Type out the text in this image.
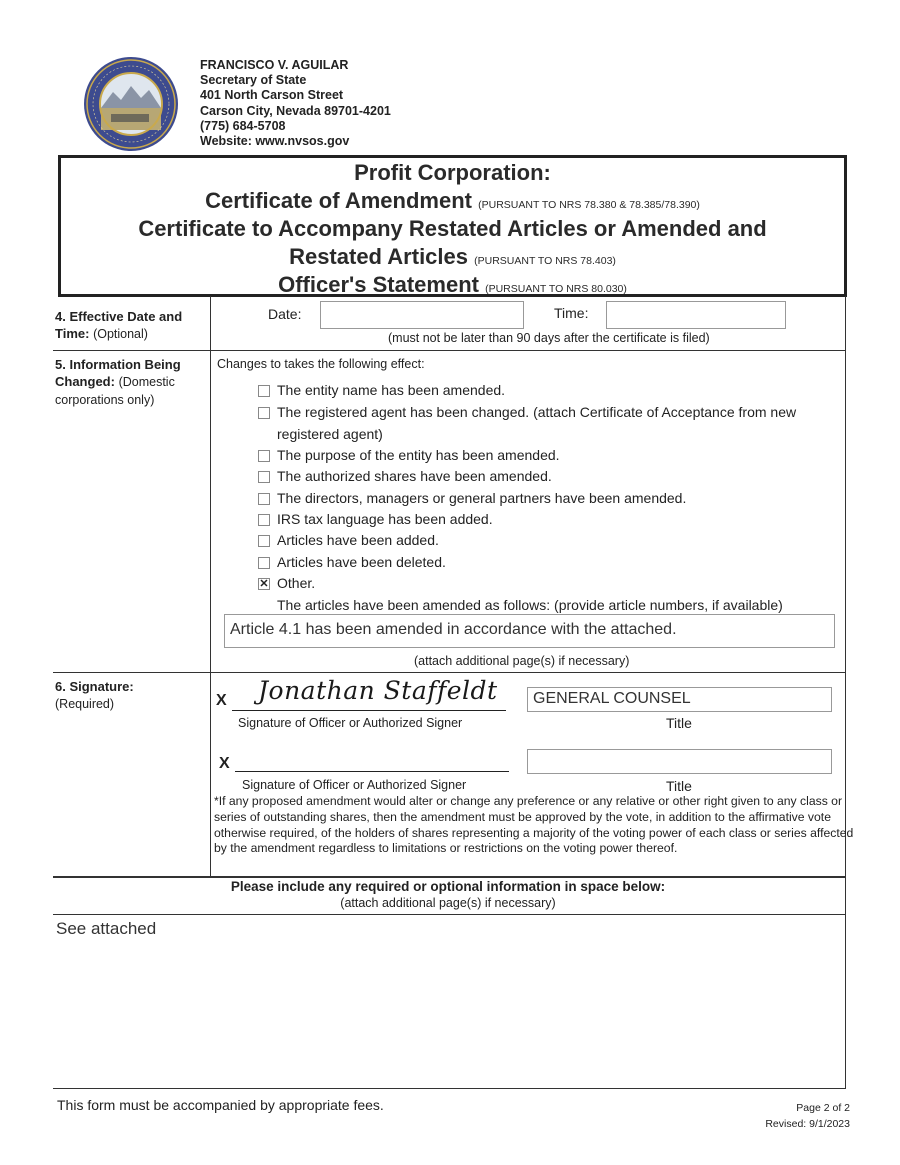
FRANCISCO V. AGUILAR
Secretary of State
401 North Carson Street
Carson City, Nevada 89701-4201
(775) 684-5708
Website: www.nvsos.gov
Profit Corporation:
Certificate of Amendment (PURSUANT TO NRS 78.380 & 78.385/78.390)
Certificate to Accompany Restated Articles or Amended and
Restated Articles (PURSUANT TO NRS 78.403)
Officer's Statement (PURSUANT TO NRS 80.030)
4. Effective Date and
Time: (Optional)
Date:	Time:
(must not be later than 90 days after the certificate is filed)
5. Information Being
Changed: (Domestic
corporations only)
Changes to takes the following effect:
The entity name has been amended.
The registered agent has been changed. (attach Certificate of Acceptance from new
registered agent)
The purpose of the entity has been amended.
The authorized shares have been amended.
The directors, managers or general partners have been amended.
IRS tax language has been added.
Articles have been added.
Articles have been deleted.
✕ Other.
The articles have been amended as follows: (provide article numbers, if available)
Article 4.1 has been amended in accordance with the attached.
(attach additional page(s) if necessary)
6. Signature:
(Required)	X Jonathan Staffeldt
Signature of Officer or Authorized Signer
GENERAL COUNSEL
Title
X
Signature of Officer or Authorized Signer	Title
*If any proposed amendment would alter or change any preference or any relative or other right given to any class or series of outstanding shares, then the amendment must be approved by the vote, in addition to the affirmative vote otherwise required, of the holders of shares representing a majority of the voting power of each class or series affected by the amendment regardless to limitations or restrictions on the voting power thereof.
Please include any required or optional information in space below:
(attach additional page(s) if necessary)
See attached
This form must be accompanied by appropriate fees.	Page 2 of 2
Revised: 9/1/2023
